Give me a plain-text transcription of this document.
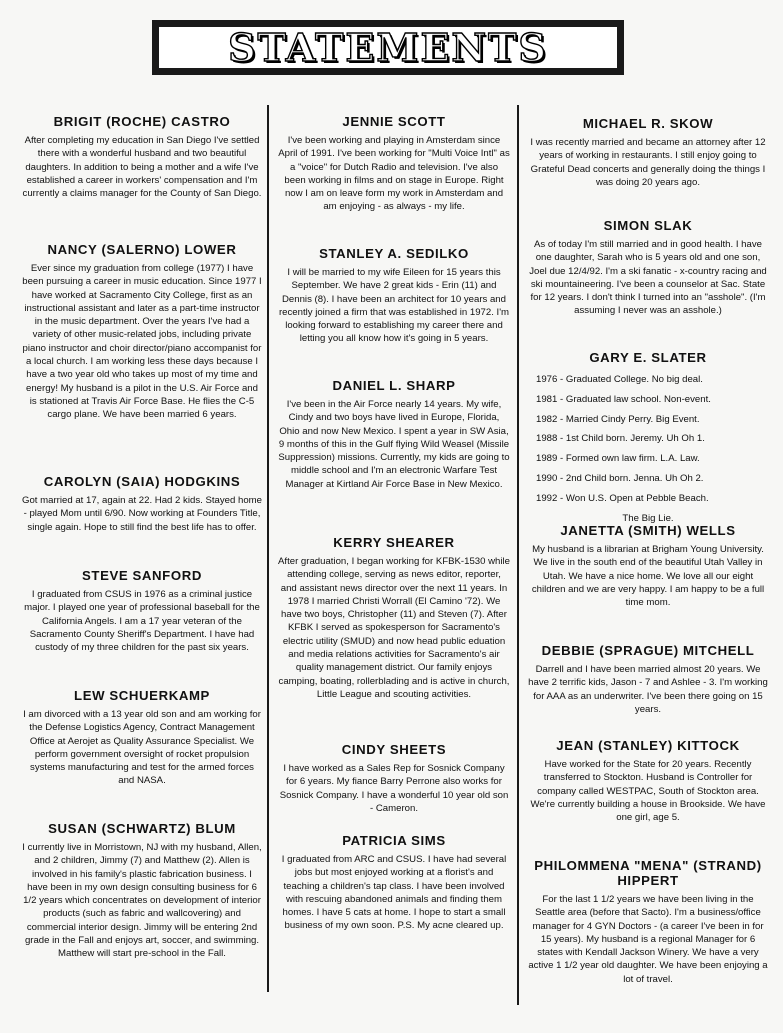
STATEMENTS
BRIGIT (ROCHE) CASTRO

After completing my education in San Diego I've settled there with a wonderful husband and two beautiful daughters. In addition to being a mother and a wife I've established a career in workers' compensation and I'm currently a claims manager for the County of San Diego.

NANCY (SALERNO) LOWER

Ever since my graduation from college (1977) I have been pursuing a career in music education. Since 1977 I have worked at Sacramento City College, first as an instructional assistant and later as a part-time instructor in the music department. Over the years I've had a variety of other music-related jobs, including private piano instructor and choir director/piano accompanist for a local church. I am working less these days because I have a two year old who takes up most of my time and energy! My husband is a pilot in the U.S. Air Force and is stationed at Travis Air Force Base. He flies the C-5 cargo plane. We have been married 6 years.

CAROLYN (SAIA) HODGKINS

Got married at 17, again at 22. Had 2 kids. Stayed home - played Mom until 6/90. Now working at Founders Title, single again. Hope to still find the best life has to offer.

STEVE SANFORD

I graduated from CSUS in 1976 as a criminal justice major. I played one year of professional baseball for the California Angels. I am a 17 year veteran of the Sacramento County Sheriff's Department. I have had custody of my three children for the past six years.

LEW SCHUERKAMP

I am divorced with a 13 year old son and am working for the Defense Logistics Agency, Contract Management Office at Aerojet as Quality Assurance Specialist. We perform government oversight of rocket propulsion systems manufacturing and test for the armed forces and NASA.

SUSAN (SCHWARTZ) BLUM

I currently live in Morristown, NJ with my husband, Allen, and 2 children, Jimmy (7) and Matthew (2). Allen is involved in his family's plastic fabrication business. I have been in my own design consulting business for 6 1/2 years which concentrates on development of interior products (such as fabric and wallcovering) and commercial interior design. Jimmy will be entering 2nd grade in the Fall and enjoys art, soccer, and swimming. Matthew will start pre-school in the Fall.

JENNIE SCOTT

I've been working and playing in Amsterdam since April of 1991. I've been working for "Multi Voice Intl" as a "voice" for Dutch Radio and television. I've also been working in films and on stage in Europe. Right now I am on leave form my work in Amsterdam and am enjoying - as always - my life.

STANLEY A. SEDILKO

I will be married to my wife Eileen for 15 years this September. We have 2 great kids - Erin (11) and Dennis (8). I have been an architect for 10 years and recently joined a firm that was established in 1972. I'm looking forward to establishing my career there and letting you all know how it's going in 5 years.

DANIEL L. SHARP

I've been in the Air Force nearly 14 years. My wife, Cindy and two boys have lived in Europe, Florida, Ohio and now New Mexico. I spent a year in SW Asia, 9 months of this in the Gulf flying Wild Weasel (Missile Suppression) missions. Currently, my kids are going to middle school and I'm an electronic Warfare Test Manager at Kirtland Air Force Base in New Mexico.

KERRY SHEARER

After graduation, I began working for KFBK-1530 while attending college, serving as news editor, reporter, and assistant news director over the next 11 years. In 1978 I married Christi Worrall (El Camino '72). We have two boys, Christopher (11) and Steven (7). After KFBK I served as spokesperson for Sacramento's electric utility (SMUD) and now head public eduation and media relations activities for Sacramento's air quality management district. Our family enjoys camping, boating, rollerblading and is active in church, Little League and scouting activities.

CINDY SHEETS

I have worked as a Sales Rep for Sosnick Company for 6 years. My fiance Barry Perrone also works for Sosnick Company. I have a wonderful 10 year old son - Cameron.

PATRICIA SIMS

I graduated from ARC and CSUS. I have had several jobs but most enjoyed working at a florist's and teaching a children's tap class. I have been involved with rescuing abandoned animals and finding them homes. I have 5 cats at home. I hope to start a small business of my own soon. P.S. My acne cleared up.

MICHAEL R. SKOW

I was recently married and became an attorney after 12 years of working in restaurants. I still enjoy going to Grateful Dead concerts and generally doing the things I was doing 20 years ago.

SIMON SLAK

As of today I'm still married and in good health. I have one daughter, Sarah who is 5 years old and one son, Joel due 12/4/92. I'm a ski fanatic - x-country racing and ski mountaineering. I've been a counselor at Sac. State for 12 years. I don't think I turned into an "asshole". (I'm assuming I never was an asshole.)

GARY E. SLATER
1976 - Graduated College. No big deal.
1981 - Graduated law school. Non-event.
1982 - Married Cindy Perry. Big Event.
1988 - 1st Child born. Jeremy. Uh Oh 1.
1989 - Formed own law firm. L.A. Law.
1990 - 2nd Child born. Jenna. Uh Oh 2.
1992 - Won U.S. Open at Pebble Beach.

The Big Lie.

JANETTA (SMITH) WELLS

My husband is a librarian at Brigham Young University. We live in the south end of the beautiful Utah Valley in Utah. We have a nice home. We love all our eight children and we are very happy. I am happy to be a full time mom.

DEBBIE (SPRAGUE) MITCHELL

Darrell and I have been married almost 20 years. We have 2 terrific kids, Jason - 7 and Ashlee - 3. I'm working for AAA as an underwriter. I've been there going on 15 years.

JEAN (STANLEY) KITTOCK

Have worked for the State for 20 years. Recently transferred to Stockton. Husband is Controller for company called WESTPAC, South of Stockton area. We're currently building a house in Brookside. We have one girl, age 5.

PHILOMMENA "MENA" (STRAND) HIPPERT

For the last 1 1/2 years we have been living in the Seattle area (before that Sacto). I'm a business/office manager for 4 GYN Doctors - (a career I've been in for 15 years). My husband is a regional Manager for 6 states with Kendall Jackson Winery. We have a very active 1 1/2 year old daughter. We have been enjoying a lot of travel.
